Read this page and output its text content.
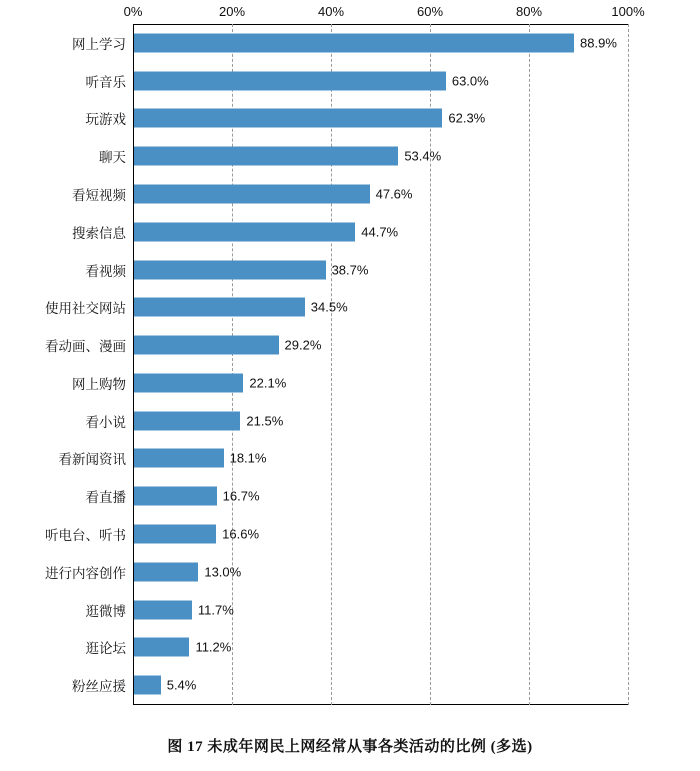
0%	20%	40%	60%	80%	100%
网上学习	88.9%
听音乐	63.0%
玩游戏	62.3%
聊天	53.4%
看短视频	47.6%
搜索信息	44.7%
看视频	38.7%
使用社交网站	34.5%
看动画、漫画	29.2%
网上购物	22.1%
看小说	21.5%
看新闻资讯	18.1%
看直播	16.7%
听电台、听书	16.6%
进行内容创作	13.0%
逛微博	11.7%
逛论坛	11.2%
粉丝应援	5.4%
图 17 未成年网民上网经常从事各类活动的比例 (多选)
